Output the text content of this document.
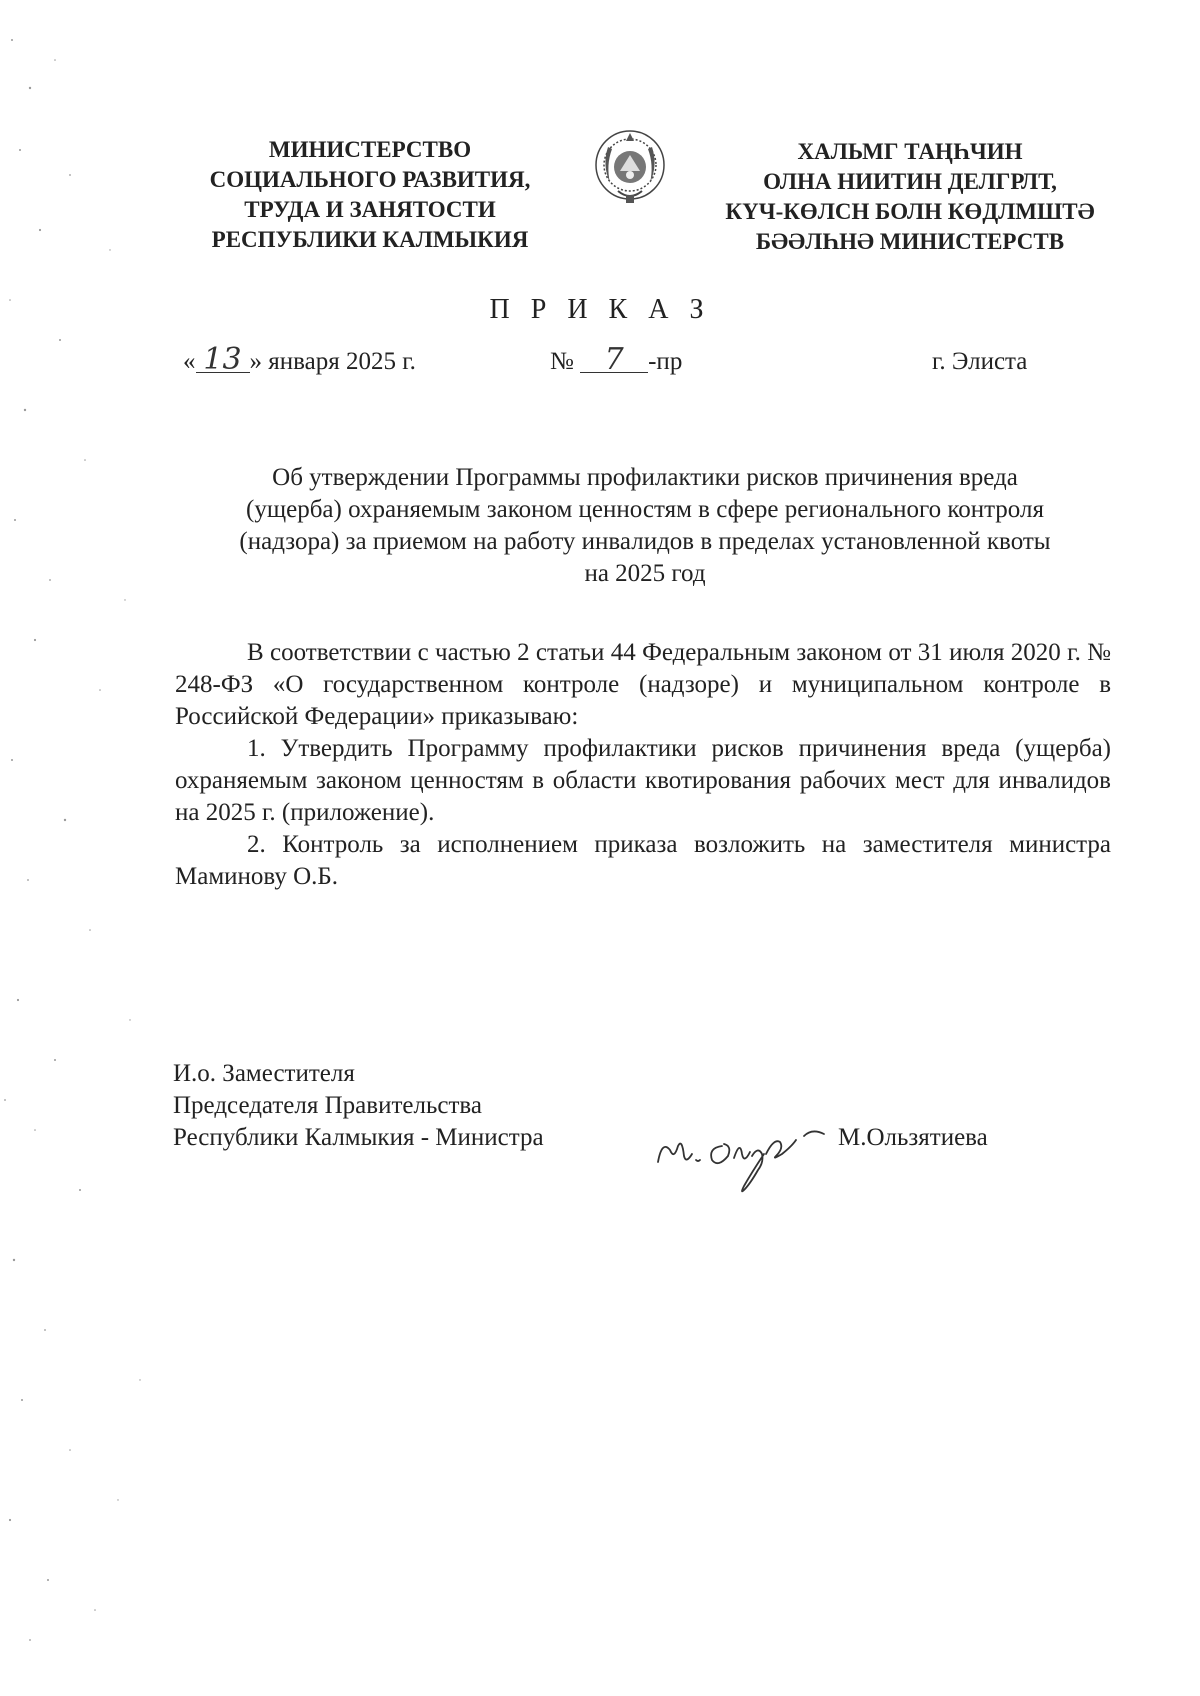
МИНИСТЕРСТВО
СОЦИАЛЬНОГО РАЗВИТИЯ,
ТРУДА И ЗАНЯТОСТИ
РЕСПУБЛИКИ КАЛМЫКИЯ
ХАЛЬМГ ТАҢҺЧИН
ОЛНА НИИТИН ДЕЛГРЛТ,
КҮЧ-КӨЛСН БОЛН КӨДЛМШТӘ
БӘӘЛҺНӘ МИНИСТЕРСТВ
П Р И К А З
« 13 » января 2025 г.	№ 7 -пр	г. Элиста
Об утверждении Программы профилактики рисков причинения вреда
(ущерба) охраняемым законом ценностям в сфере регионального контроля
(надзора) за приемом на работу инвалидов в пределах установленной квоты
на 2025 год

В соответствии с частью 2 статьи 44 Федеральным законом от 31 июля 2020 г. № 248-ФЗ «О государственном контроле (надзоре) и муниципальном контроле в Российской Федерации» приказываю:

1. Утвердить Программу профилактики рисков причинения вреда (ущерба) охраняемым законом ценностям в области квотирования рабочих мест для инвалидов на 2025 г. (приложение).

2. Контроль за исполнением приказа возложить на заместителя министра Маминову О.Б.

И.о. Заместителя
Председателя Правительства
Республики Калмыкия - Министра	М.Ользятиева
